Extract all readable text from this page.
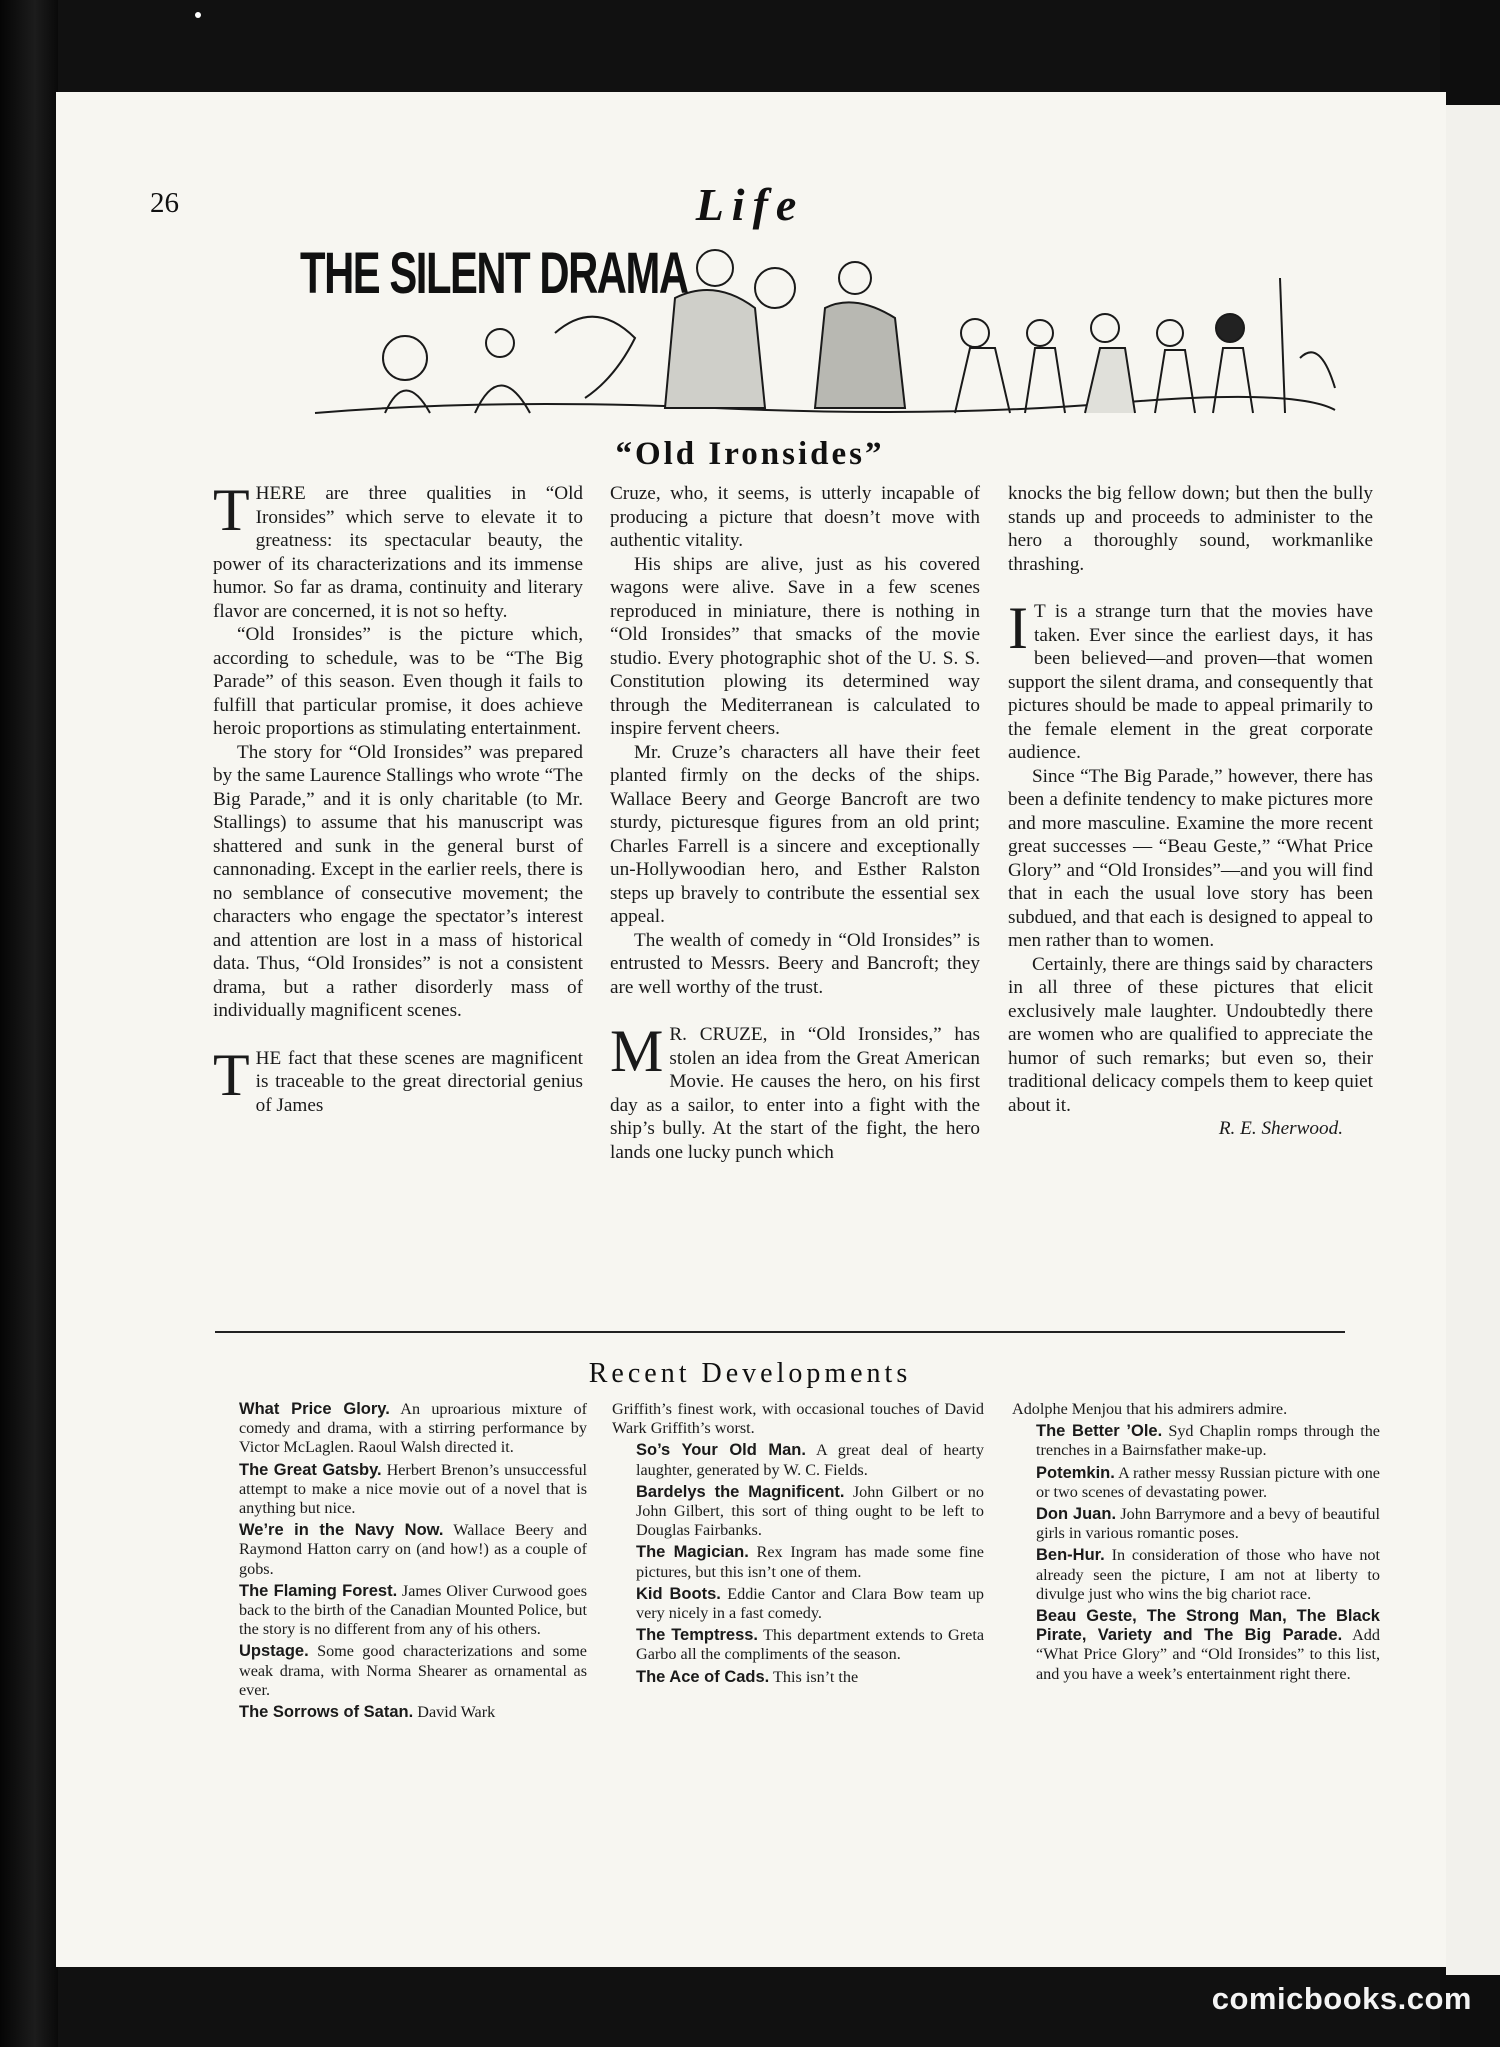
26	Life
THE SILENT DRAMA
“Old Ironsides”

THERE are three qualities in “Old Ironsides” which serve to elevate it to greatness: its spectacular beauty, the power of its characterizations and its immense humor. So far as drama, continuity and literary flavor are concerned, it is not so hefty.

“Old Ironsides” is the picture which, according to schedule, was to be “The Big Parade” of this season. Even though it fails to fulfill that particular promise, it does achieve heroic proportions as stimulating entertainment.

The story for “Old Ironsides” was prepared by the same Laurence Stallings who wrote “The Big Parade,” and it is only charitable (to Mr. Stallings) to assume that his manuscript was shattered and sunk in the general burst of cannonading. Except in the earlier reels, there is no semblance of consecutive movement; the characters who engage the spectator’s interest and attention are lost in a mass of historical data. Thus, “Old Ironsides” is not a consistent drama, but a rather disorderly mass of individually magnificent scenes.

THE fact that these scenes are magnificent is traceable to the great directorial genius of James

Cruze, who, it seems, is utterly incapable of producing a picture that doesn’t move with authentic vitality.

His ships are alive, just as his covered wagons were alive. Save in a few scenes reproduced in miniature, there is nothing in “Old Ironsides” that smacks of the movie studio. Every photographic shot of the U. S. S. Constitution plowing its determined way through the Mediterranean is calculated to inspire fervent cheers.

Mr. Cruze’s characters all have their feet planted firmly on the decks of the ships. Wallace Beery and George Bancroft are two sturdy, picturesque figures from an old print; Charles Farrell is a sincere and exceptionally un-Hollywoodian hero, and Esther Ralston steps up bravely to contribute the essential sex appeal.

The wealth of comedy in “Old Ironsides” is entrusted to Messrs. Beery and Bancroft; they are well worthy of the trust.

M R. CRUZE, in “Old Ironsides,” has stolen an idea from the Great American Movie. He causes the hero, on his first day as a sailor, to enter into a fight with the ship’s bully. At the start of the fight, the hero lands one lucky punch which

knocks the big fellow down; but then the bully stands up and proceeds to administer to the hero a thoroughly sound, workmanlike thrashing.

I T is a strange turn that the movies have taken. Ever since the earliest days, it has been believed—and proven—that women support the silent drama, and consequently that pictures should be made to appeal primarily to the female element in the great corporate audience.

Since “The Big Parade,” however, there has been a definite tendency to make pictures more and more masculine. Examine the more recent great successes — “Beau Geste,” “What Price Glory” and “Old Ironsides”—and you will find that in each the usual love story has been subdued, and that each is designed to appeal to men rather than to women.

Certainly, there are things said by characters in all three of these pictures that elicit exclusively male laughter. Undoubtedly there are women who are qualified to appreciate the humor of such remarks; but even so, their traditional delicacy compels them to keep quiet about it.

R. E. Sherwood.
Recent Developments

What Price Glory. An uproarious mixture of comedy and drama, with a stirring performance by Victor McLaglen. Raoul Walsh directed it.

The Great Gatsby. Herbert Brenon’s unsuccessful attempt to make a nice movie out of a novel that is anything but nice.

We’re in the Navy Now. Wallace Beery and Raymond Hatton carry on (and how!) as a couple of gobs.

The Flaming Forest. James Oliver Curwood goes back to the birth of the Canadian Mounted Police, but the story is no different from any of his others.

Upstage. Some good characterizations and some weak drama, with Norma Shearer as ornamental as ever.

The Sorrows of Satan. David Wark

Griffith’s finest work, with occasional touches of David Wark Griffith’s worst.

So’s Your Old Man. A great deal of hearty laughter, generated by W. C. Fields.

Bardelys the Magnificent. John Gilbert or no John Gilbert, this sort of thing ought to be left to Douglas Fairbanks.

The Magician. Rex Ingram has made some fine pictures, but this isn’t one of them.

Kid Boots. Eddie Cantor and Clara Bow team up very nicely in a fast comedy.

The Temptress. This department extends to Greta Garbo all the compliments of the season.

The Ace of Cads. This isn’t the

Adolphe Menjou that his admirers admire.

The Better ’Ole. Syd Chaplin romps through the trenches in a Bairnsfather make-up.

Potemkin. A rather messy Russian picture with one or two scenes of devastating power.

Don Juan. John Barrymore and a bevy of beautiful girls in various romantic poses.

Ben-Hur. In consideration of those who have not already seen the picture, I am not at liberty to divulge just who wins the big chariot race.

Beau Geste, The Strong Man, The Black Pirate, Variety and The Big Parade. Add “What Price Glory” and “Old Ironsides” to this list, and you have a week’s entertainment right there.

comicbooks.com
